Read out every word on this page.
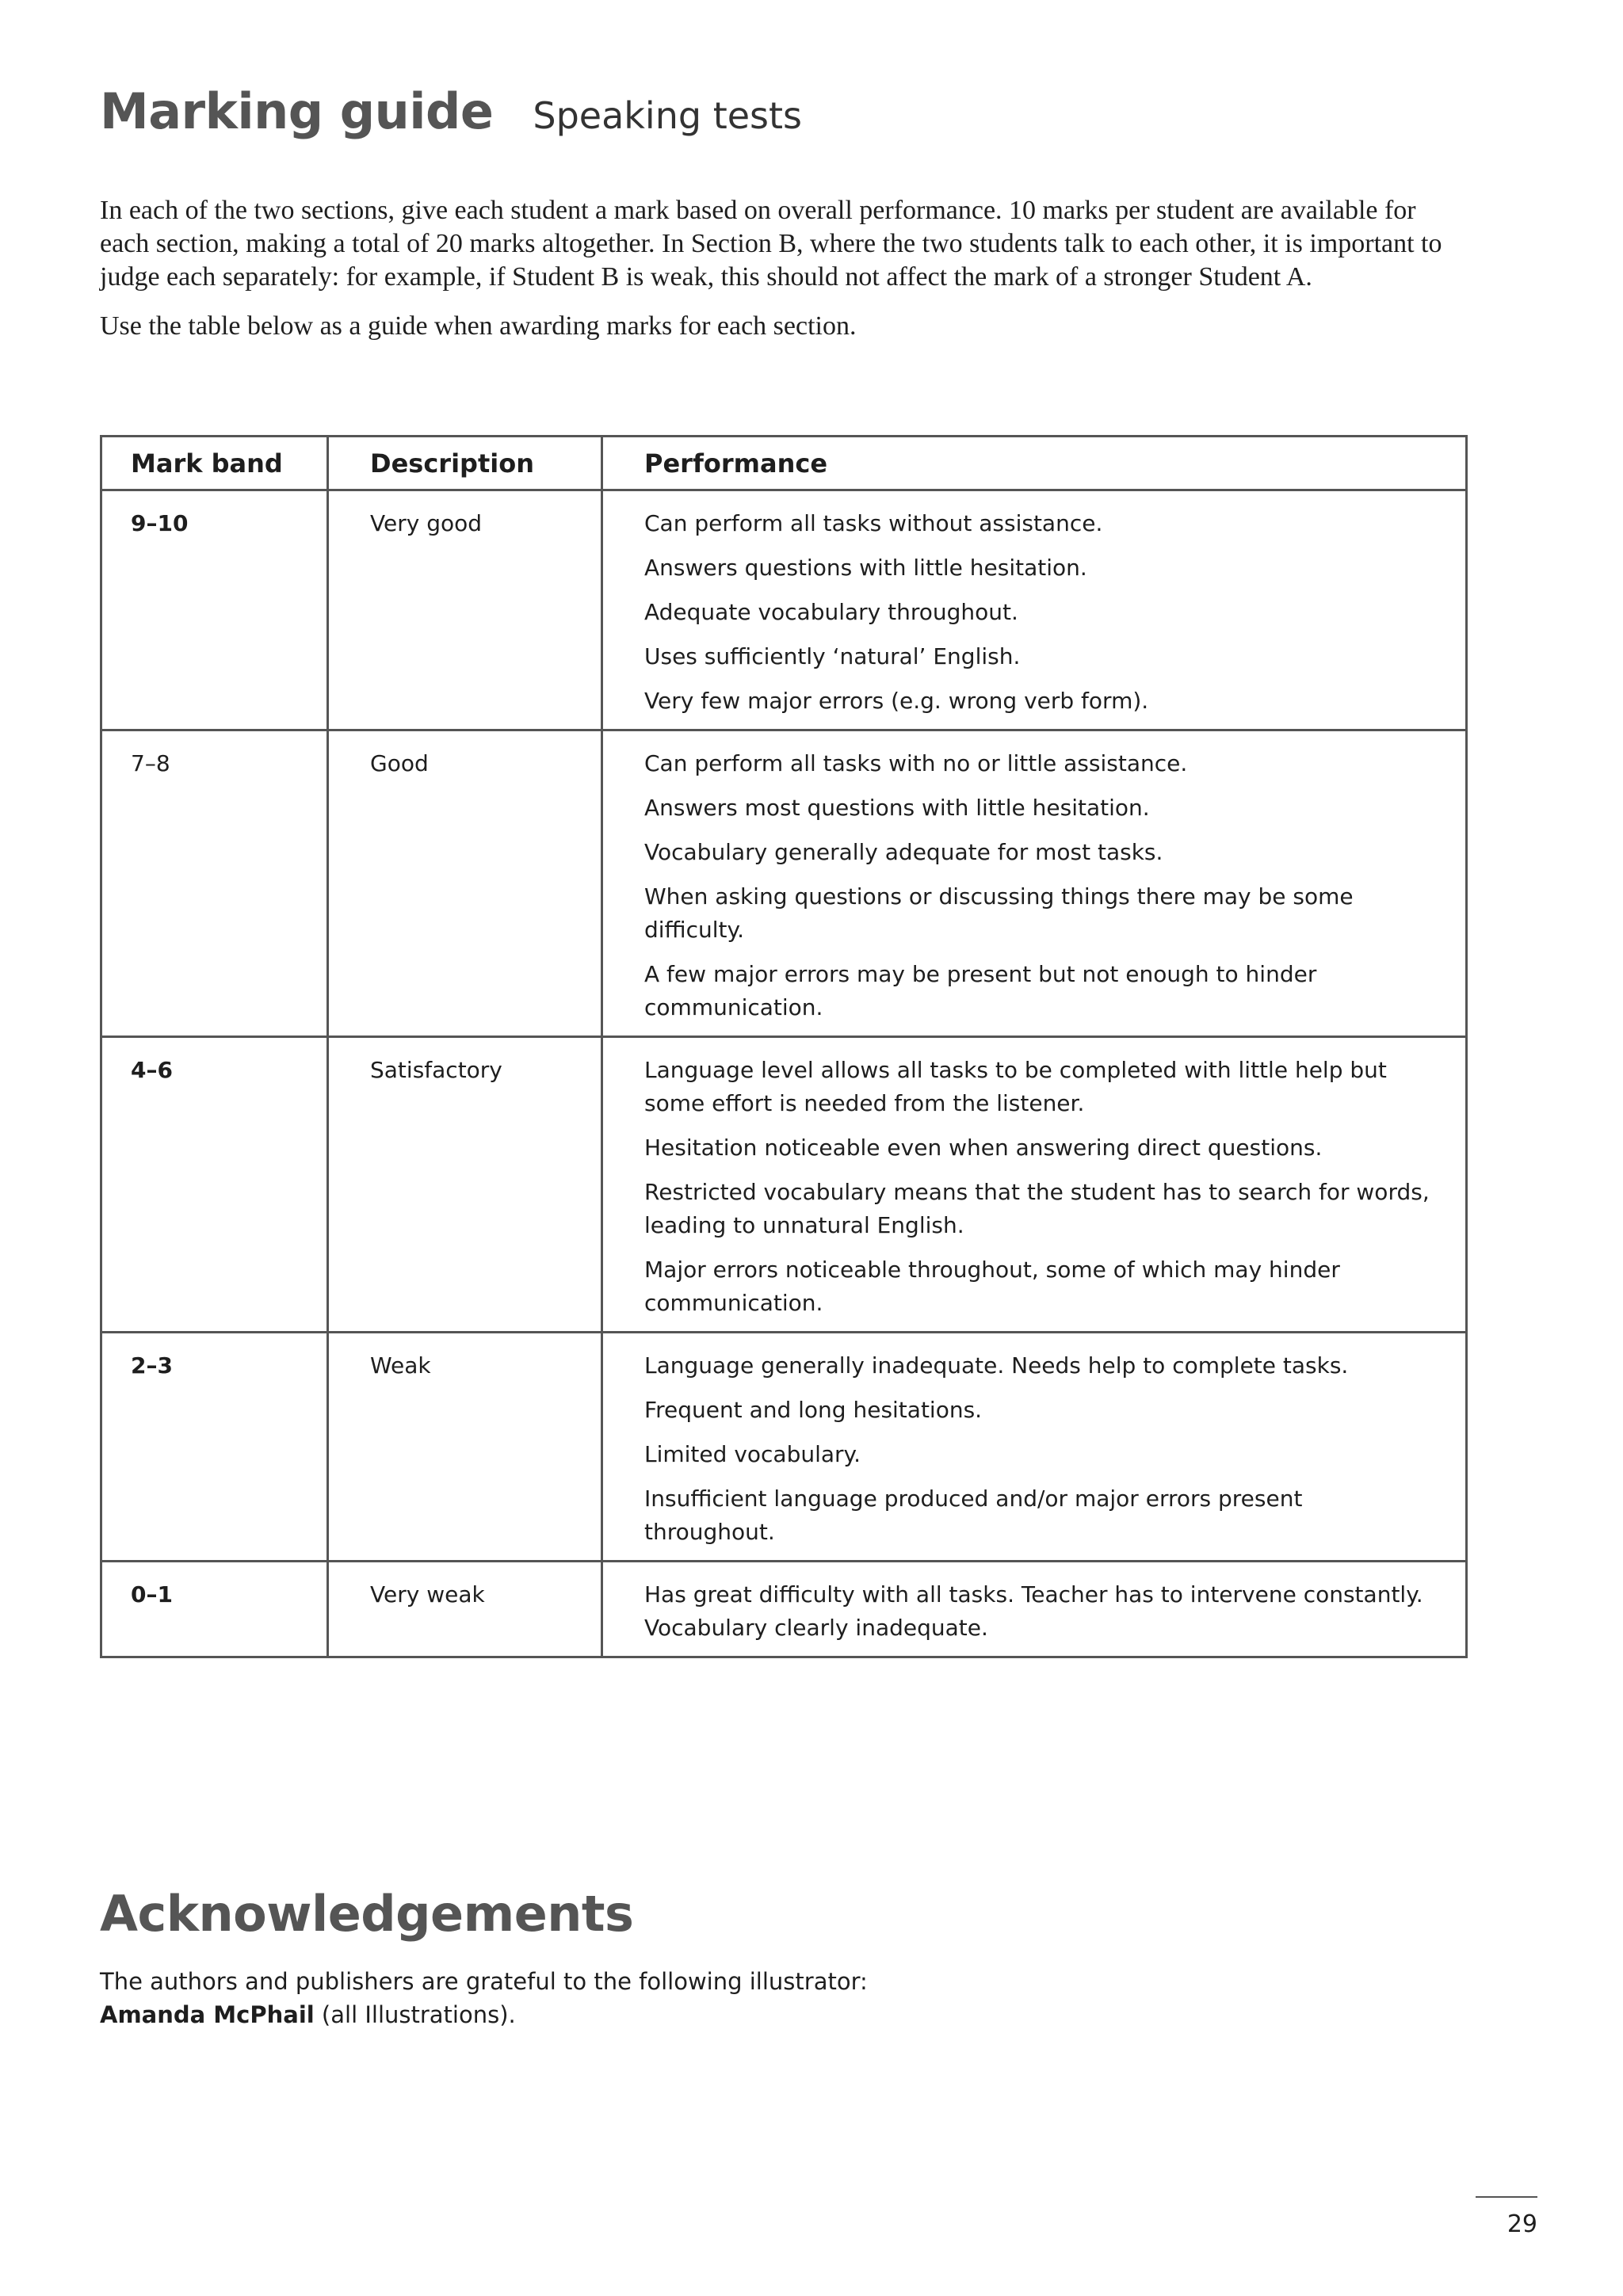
Marking guide Speaking tests

In each of the two sections, give each student a mark based on overall performance. 10 marks per student are available for each section, making a total of 20 marks altogether. In Section B, where the two students talk to each other, it is important to judge each separately: for example, if Student B is weak, this should not affect the mark of a stronger Student A.

Use the table below as a guide when awarding marks for each section.

Mark band	Description	Performance
9–10	Very good	Can perform all tasks without assistance.
Answers questions with little hesitation.
Adequate vocabulary throughout.
Uses sufficiently ‘natural’ English.
Very few major errors (e.g. wrong verb form).

7–8	Good	Can perform all tasks with no or little assistance.
Answers most questions with little hesitation.
Vocabulary generally adequate for most tasks.
When asking questions or discussing things there may be some difficulty.
A few major errors may be present but not enough to hinder communication.

4–6	Satisfactory	Language level allows all tasks to be completed with little help but some effort is needed from the listener.
Hesitation noticeable even when answering direct questions.
Restricted vocabulary means that the student has to search for words, leading to unnatural English.
Major errors noticeable throughout, some of which may hinder communication.

2–3	Weak	Language generally inadequate. Needs help to complete tasks.
Frequent and long hesitations.
Limited vocabulary.
Insufficient language produced and/or major errors present throughout.

0–1	Very weak	Has great difficulty with all tasks. Teacher has to intervene constantly.
Vocabulary clearly inadequate.
Acknowledgements
The authors and publishers are grateful to the following illustrator:
Amanda McPhail (all Illustrations).
29
